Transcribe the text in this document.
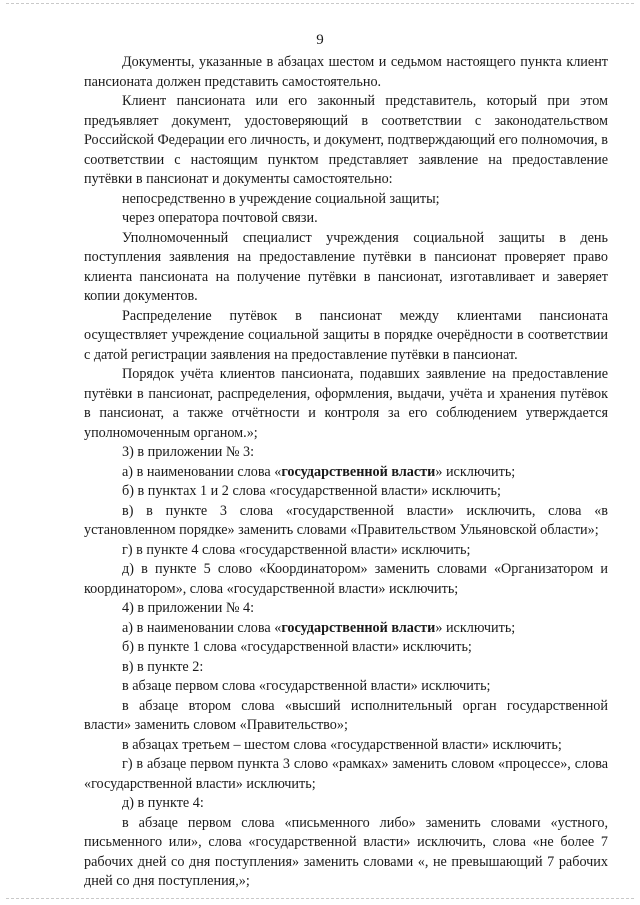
9

Документы, указанные в абзацах шестом и седьмом настоящего пункта клиент пансионата должен представить самостоятельно.

Клиент пансионата или его законный представитель, который при этом предъявляет документ, удостоверяющий в соответствии с законодательством Российской Федерации его личность, и документ, подтверждающий его полномочия, в соответствии с настоящим пунктом представляет заявление на предоставление путёвки в пансионат и документы самостоятельно:

непосредственно в учреждение социальной защиты;

через оператора почтовой связи.

Уполномоченный специалист учреждения социальной защиты в день поступления заявления на предоставление путёвки в пансионат проверяет право клиента пансионата на получение путёвки в пансионат, изготавливает и заверяет копии документов.

Распределение путёвок в пансионат между клиентами пансионата осуществляет учреждение социальной защиты в порядке очерёдности в соответствии с датой регистрации заявления на предоставление путёвки в пансионат.

Порядок учёта клиентов пансионата, подавших заявление на предоставление путёвки в пансионат, распределения, оформления, выдачи, учёта и хранения путёвок в пансионат, а также отчётности и контроля за его соблюдением утверждается уполномоченным органом.»;

3) в приложении № 3:

а) в наименовании слова «государственной власти» исключить;

б) в пунктах 1 и 2 слова «государственной власти» исключить;

в) в пункте 3 слова «государственной власти» исключить, слова «в установленном порядке» заменить словами «Правительством Ульяновской области»;

г) в пункте 4 слова «государственной власти» исключить;

д) в пункте 5 слово «Координатором» заменить словами «Организатором и координатором», слова «государственной власти» исключить;

4) в приложении № 4:

а) в наименовании слова «государственной власти» исключить;

б) в пункте 1 слова «государственной власти» исключить;

в) в пункте 2:

в абзаце первом слова «государственной власти» исключить;

в абзаце втором слова «высший исполнительный орган государственной власти» заменить словом «Правительство»;

в абзацах третьем – шестом слова «государственной власти» исключить;

г) в абзаце первом пункта 3 слово «рамках» заменить словом «процессе», слова «государственной власти» исключить;

д) в пункте 4:

в абзаце первом слова «письменного либо» заменить словами «устного, письменного или», слова «государственной власти» исключить, слова «не более 7 рабочих дней со дня поступления» заменить словами «, не превышающий 7 рабочих дней со дня поступления,»;
